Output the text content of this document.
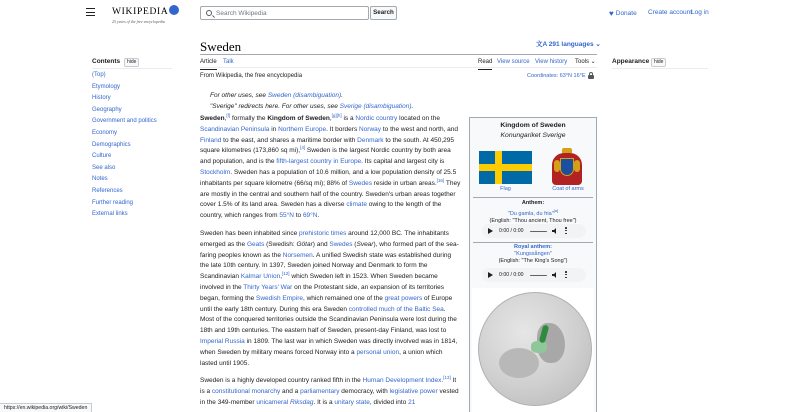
WIKIPEDIA
25 years of the free encyclopedia
Search Wikipedia	Search	♥ Donate Create account
Log in
Contents	hide
(Top)
Etymology
History
Geography
Government and politics
Economy
Demographics
Culture
See also
Notes
References
Further reading
External links
Appearance hide
Sweden	文A 291 languages ⌄
Article Talk	Read View source View history Tools ⌄
From Wikipedia, the free encyclopedia	Coordinates: 63°N 16°E
For other uses, see Sweden (disambiguation).
"Sverige" redirects here. For other uses, see Sverige (disambiguation).
Sweden,[f] formally the Kingdom of Sweden,[g][h] is a Nordic country located on the Scandinavian Peninsula in Northern Europe. It borders Norway to the west and north, and Finland to the east, and shares a maritime border with Denmark to the south. At 450,295 square kilometres (173,860 sq mi),[4] Sweden is the largest Nordic country by both area and population, and is the fifth-largest country in Europe. Its capital and largest city is Stockholm. Sweden has a population of 10.6 million, and a low population density of 25.5 inhabitants per square kilometre (66/sq mi); 88% of Swedes reside in urban areas.[16] They are mostly in the central and southern half of the country. Sweden's urban areas together cover 1.5% of its land area. Sweden has a diverse climate owing to the length of the country, which ranges from 55°N to 69°N.
Sweden has been inhabited since prehistoric times around 12,000 BC. The inhabitants emerged as the Geats (Swedish: Götar) and Swedes (Svear), who formed part of the sea-faring peoples known as the Norsemen. A unified Swedish state was established during the late 10th century. In 1397, Sweden joined Norway and Denmark to form the Scandinavian Kalmar Union,[12] which Sweden left in 1523. When Sweden became involved in the Thirty Years' War on the Protestant side, an expansion of its territories began, forming the Swedish Empire, which remained one of the great powers of Europe until the early 18th century. During this era Sweden controlled much of the Baltic Sea. Most of the conquered territories outside the Scandinavian Peninsula were lost during the 18th and 19th centuries. The eastern half of Sweden, present-day Finland, was lost to Imperial Russia in 1809. The last war in which Sweden was directly involved was in 1814, when Sweden by military means forced Norway into a personal union, a union which lasted until 1905.
Sweden is a highly developed country ranked fifth in the Human Development Index.[13] It is a constitutional monarchy and a parliamentary democracy, with legislative power vested in the 349-member unicameral Riksdag. It is a unitary state, divided into 21
Kingdom of Sweden
Konungariket Sverige
Flag	Coat of arms
Anthem:
"Du gamla, du fria"[a]
(English: "Thou ancient, Thou free")
0:00 / 0:00
Royal anthem:
"Kungssången"
(English: "The King's Song")
0:00 / 0:00
https://en.wikipedia.org/wiki/Sweden
